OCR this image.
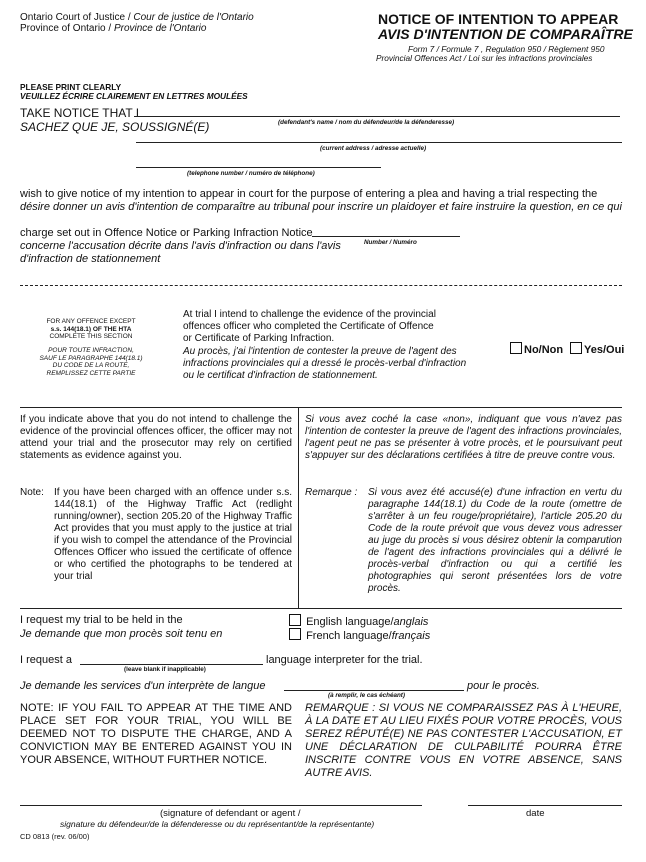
Ontario Court of Justice / Cour de justice de l'Ontario
Province of Ontario / Province de l'Ontario
NOTICE OF INTENTION TO APPEAR
AVIS D'INTENTION DE COMPARAÎTRE
Form 7 / Formule 7 , Regulation 950 / Règlement 950
Provincial Offences Act / Loi sur les infractions provinciales
PLEASE PRINT CLEARLY
VEUILLEZ ÉCRIRE CLAIREMENT EN LETTRES MOULÉES
TAKE NOTICE THAT I
SACHEZ QUE JE, SOUSSIGNÉ(E)	(defendant's name / nom du défendeur/de la défenderesse)
(current address / adresse actuelle)
(telephone number / numéro de téléphone)
wish to give notice of my intention to appear in court for the purpose of entering a plea and having a trial respecting the
désire donner un avis d'intention de comparaître au tribunal pour inscrire un plaidoyer et faire instruire la question, en ce qui
charge set out in Offence Notice or Parking Infraction Notice
Number / Numéro
concerne l'accusation décrite dans l'avis d'infraction ou dans l'avis
d'infraction de stationnement
FOR ANY OFFENCE EXCEPT
s.s. 144(18.1) OF THE HTA
COMPLETE THIS SECTION
POUR TOUTE INFRACTION,
SAUF LE PARAGRAPHE 144(18.1)
DU CODE DE LA ROUTE,
REMPLISSEZ CETTE PARTIE
At trial I intend to challenge the evidence of the provincial
offences officer who completed the Certificate of Offence
or Certificate of Parking Infraction.
Au procès, j'ai l'intention de contester la preuve de l'agent des
infractions provinciales qui a dressé le procès-verbal d'infraction
ou le certificat d'infraction de stationnement.
No/Non	Yes/Oui
If you indicate above that you do not intend to challenge the evidence of the provincial offences officer, the officer may not attend your trial and the prosecutor may rely on certified statements as evidence against you.
Note: If you have been charged with an offence under s.s. 144(18.1) of the Highway Traffic Act (redlight running/owner), section 205.20 of the Highway Traffic Act provides that you must apply to the justice at trial if you wish to compel the attendance of the Provincial Offences Officer who issued the certificate of offence or who certified the photographs to be tendered at your trial
Si vous avez coché la case «non», indiquant que vous n'avez pas l'intention de contester la preuve de l'agent des infractions provinciales, l'agent peut ne pas se présenter à votre procès, et le poursuivant peut s'appuyer sur des déclarations certifiées à titre de preuve contre vous.
Remarque : Si vous avez été accusé(e) d'une infraction en vertu du paragraphe 144(18.1) du Code de la route (omettre de s'arrêter à un feu rouge/propriétaire), l'article 205.20 du Code de la route prévoit que vous devez vous adresser au juge du procès si vous désirez obtenir la comparution de l'agent des infractions provinciales qui a délivré le procès-verbal d'infraction ou qui a certifié les photographies qui seront présentées lors de votre procès.
I request my trial to be held in the
Je demande que mon procès soit tenu en
English language/anglais
French language/français
I request a
(leave blank if inapplicable)
language interpreter for the trial.
Je demande les services d'un interprète de langue
(à remplir, le cas échéant)
pour le procès.
NOTE: IF YOU FAIL TO APPEAR AT THE TIME AND PLACE SET FOR YOUR TRIAL, YOU WILL BE DEEMED NOT TO DISPUTE THE CHARGE, AND A CONVICTION MAY BE ENTERED AGAINST YOU IN YOUR ABSENCE, WITHOUT FURTHER NOTICE.
REMARQUE : SI VOUS NE COMPARAISSEZ PAS À L'HEURE, À LA DATE ET AU LIEU FIXÉS POUR VOTRE PROCÈS, VOUS SEREZ RÉPUTÉ(E) NE PAS CONTESTER L'ACCUSATION, ET UNE DÉCLARATION DE CULPABILITÉ POURRA ÊTRE INSCRITE CONTRE VOUS EN VOTRE ABSENCE, SANS AUTRE AVIS.
(signature of defendant or agent /
signature du défendeur/de la défenderesse ou du représentant/de la représentante)
date
CD 0813 (rev. 06/00)
